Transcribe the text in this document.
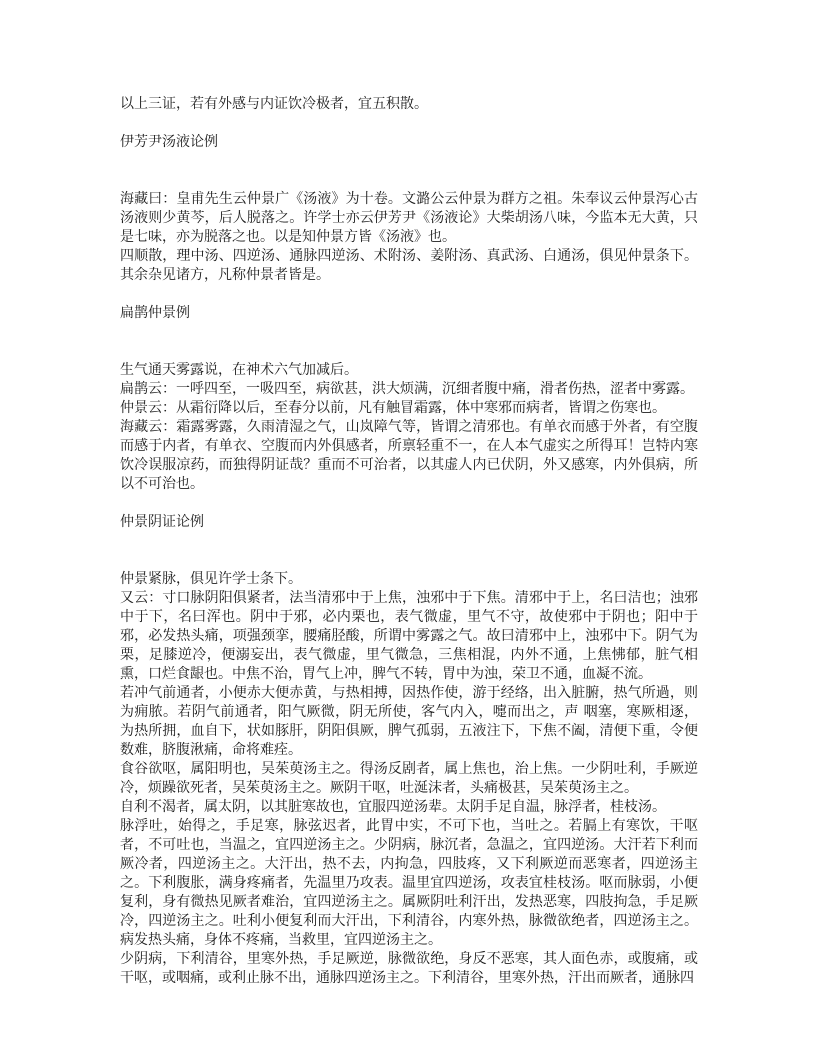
以上三证，若有外感与内证饮冷极者，宜五积散。

伊芳尹汤液论例

海藏曰：皇甫先生云仲景广《汤液》为十卷。文潞公云仲景为群方之祖。朱奉议云仲景泻心古汤液则少黄芩，后人脱落之。许学士亦云伊芳尹《汤液论》大柴胡汤八味，今监本无大黄，只是七味，亦为脱落之也。以是知仲景方皆《汤液》也。

四顺散，理中汤、四逆汤、通脉四逆汤、术附汤、姜附汤、真武汤、白通汤，俱见仲景条下。其余杂见诸方，凡称仲景者皆是。

扁鹊仲景例

生气通天雾露说，在神术六气加减后。

扁鹊云：一呼四至，一吸四至，病欲甚，洪大烦满，沉细者腹中痛，滑者伤热，涩者中雾露。

仲景云：从霜衍降以后，至春分以前，凡有触冒霜露，体中寒邪而病者，皆谓之伤寒也。

海藏云：霜露雾露，久雨清湿之气，山岚障气等，皆谓之清邪也。有单衣而感于外者，有空腹而感于内者，有单衣、空腹而内外俱感者，所禀轻重不一，在人本气虚实之所得耳！岂特内寒饮冷误服凉药，而独得阴证哉？重而不可治者，以其虚人内已伏阴，外又感寒，内外俱病，所以不可治也。

仲景阴证论例

仲景紧脉，俱见许学士条下。

又云：寸口脉阴阳俱紧者，法当清邪中于上焦，浊邪中于下焦。清邪中于上，名曰洁也；浊邪中于下，名曰浑也。阴中于邪，必内栗也，表气微虚，里气不守，故使邪中于阴也；阳中于邪，必发热头痛，项强颈挛，腰痛胫酸，所谓中雾露之气。故曰清邪中上，浊邪中下。阴气为栗，足膝逆冷，便溺妄出，表气微虚，里气微急，三焦相混，内外不通，上焦怫郁，脏气相熏，口烂食龈也。中焦不治，胃气上冲，脾气不转，胃中为浊，荣卫不通，血凝不流。

若冲气前通者，小便赤大便赤黄，与热相搏，因热作使，游于经络，出入脏腑，热气所過，则为痈脓。若阴气前通者，阳气厥微，阴无所使，客气内入，嚏而出之，声 咽塞，寒厥相逐，为热所拥，血自下，状如豚肝，阴阳俱厥，脾气孤弱，五液注下，下焦不阖，清便下重，令便数难，脐腹湫痛，命将难痊。

食谷欲呕，属阳明也，吴茱萸汤主之。得汤反剧者，属上焦也，治上焦。一少阴吐利，手厥逆冷，烦躁欲死者，吴茱萸汤主之。厥阴干呕，吐涎沫者，头痛极甚，吴茱萸汤主之。

自利不渴者，属太阴，以其脏寒故也，宜服四逆汤辈。太阴手足自温，脉浮者，桂枝汤。

脉浮吐，始得之，手足寒，脉弦迟者，此胃中实，不可下也，当吐之。若膈上有寒饮，干呕者，不可吐也，当温之，宜四逆汤主之。少阴病，脉沉者，急温之，宜四逆汤。大汗若下利而厥冷者，四逆汤主之。大汗出，热不去，内拘急，四肢疼，又下利厥逆而恶寒者，四逆汤主之。下利腹胀，满身疼痛者，先温里乃攻表。温里宜四逆汤，攻表宜桂枝汤。呕而脉弱，小便复利，身有微热见厥者难治，宜四逆汤主之。属厥阴吐利汗出，发热恶寒，四肢拘急，手足厥冷，四逆汤主之。吐利小便复利而大汗出，下利清谷，内寒外热，脉微欲绝者，四逆汤主之。病发热头痛，身体不疼痛，当救里，宜四逆汤主之。

少阴病，下利清谷，里寒外热，手足厥逆，脉微欲绝，身反不恶寒，其人面色赤，或腹痛，或干呕，或咽痛，或利止脉不出，通脉四逆汤主之。下利清谷，里寒外热，汗出而厥者，通脉四
